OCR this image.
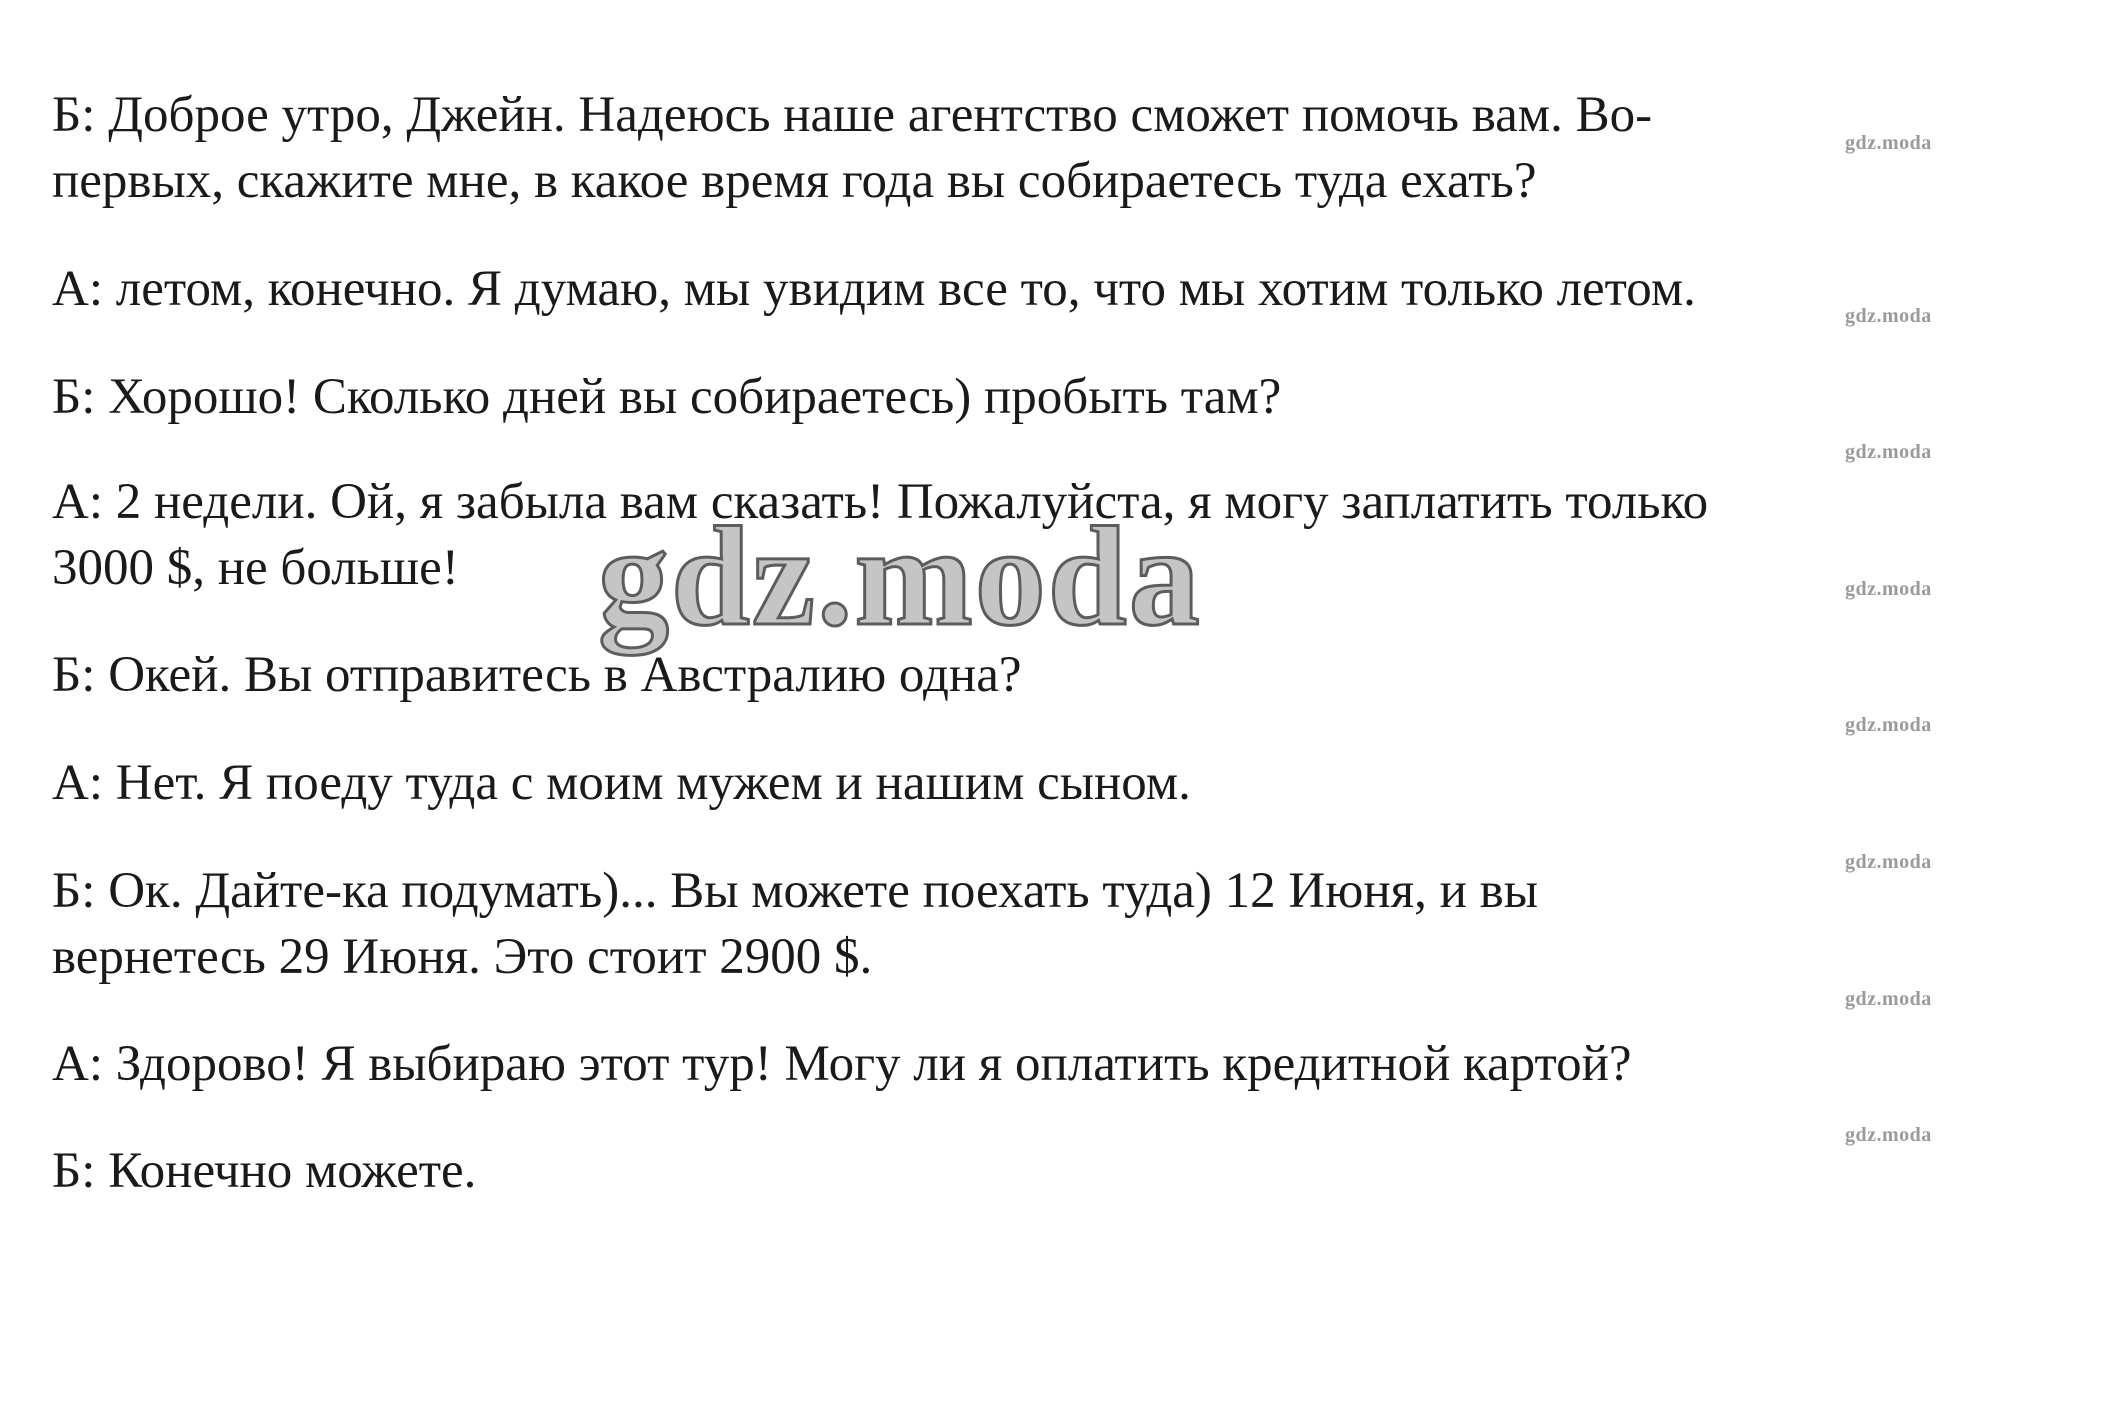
Б: Доброе утро, Джейн. Надеюсь наше агентство сможет помочь вам. Во-
первых, скажите мне, в какое время года вы собираетесь туда ехать?
А: летом, конечно. Я думаю, мы увидим все то, что мы хотим только летом.
Б: Хорошо! Сколько дней вы собираетесь) пробыть там?
А: 2 недели. Ой, я забыла вам сказать! Пожалуйста, я могу заплатить только
3000 $, не больше!
Б: Окей. Вы отправитесь в Австралию одна?
А: Нет. Я поеду туда с моим мужем и нашим сыном.
Б: Ок. Дайте-ка подумать)... Вы можете поехать туда) 12 Июня, и вы
вернетесь 29 Июня. Это стоит 2900 $.
А: Здорово! Я выбираю этот тур! Могу ли я оплатить кредитной картой?
Б: Конечно можете.
gdz.moda
gdz.moda
gdz.moda
gdz.moda
gdz.moda
gdz.moda
gdz.moda
gdz.moda
gdz.moda
